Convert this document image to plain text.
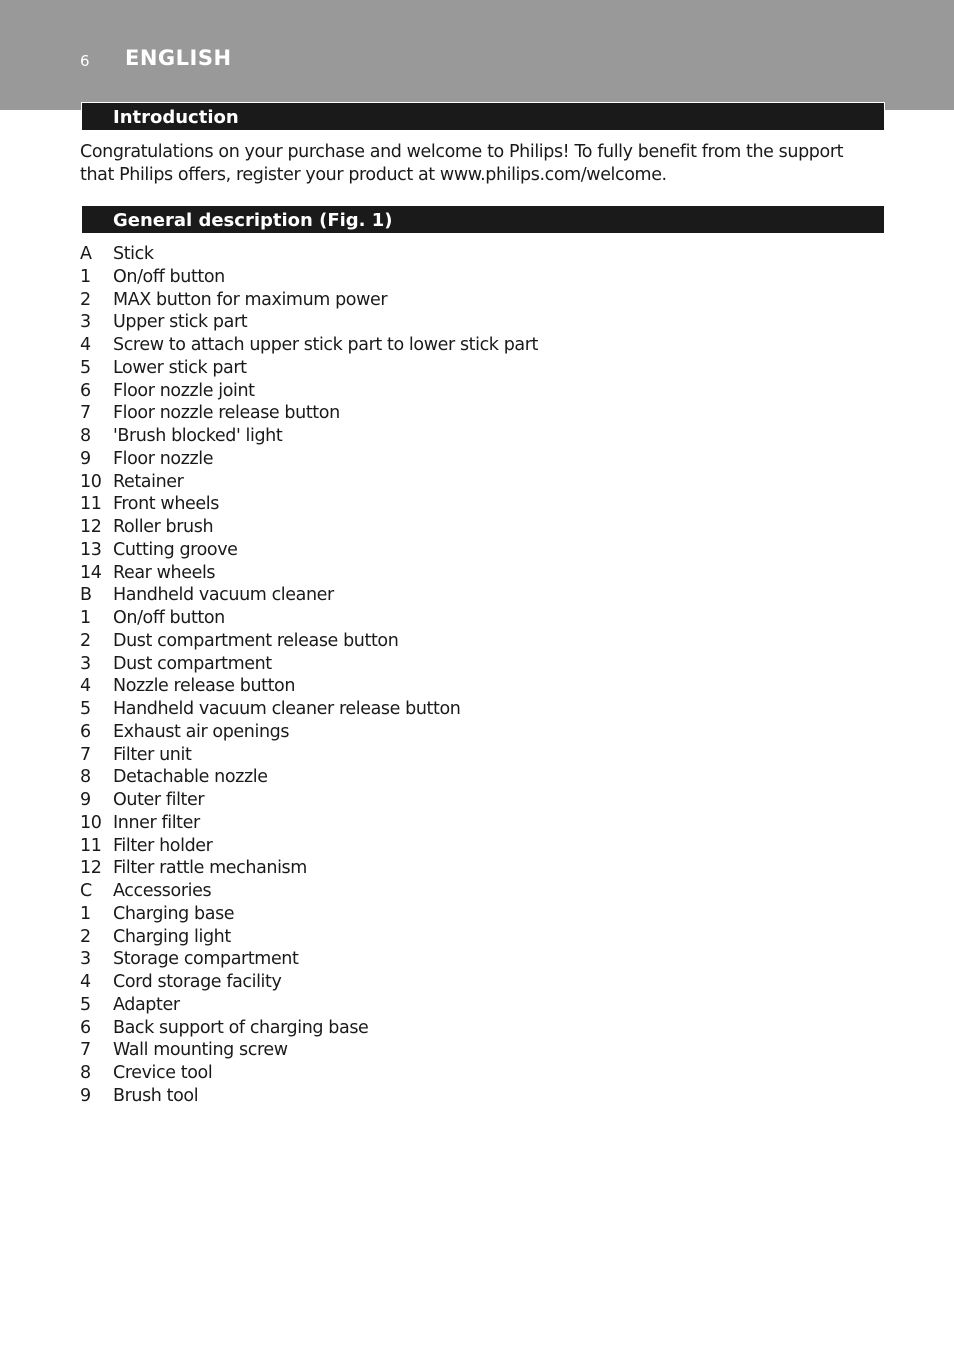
6 ENGLISH
Introduction

Congratulations on your purchase and welcome to Philips! To fully benefit from the support that Philips offers, register your product at www.philips.com/welcome.

General description (Fig. 1)
A Stick
1 On/off button
2 MAX button for maximum power
3 Upper stick part
4 Screw to attach upper stick part to lower stick part
5 Lower stick part
6 Floor nozzle joint
7 Floor nozzle release button
8 'Brush blocked' light
9 Floor nozzle
10 Retainer
11 Front wheels
12 Roller brush
13 Cutting groove
14 Rear wheels
B Handheld vacuum cleaner
1 On/off button
2 Dust compartment release button
3 Dust compartment
4 Nozzle release button
5 Handheld vacuum cleaner release button
6 Exhaust air openings
7 Filter unit
8 Detachable nozzle
9 Outer filter
10 Inner filter
11 Filter holder
12 Filter rattle mechanism
C Accessories
1 Charging base
2 Charging light
3 Storage compartment
4 Cord storage facility
5 Adapter
6 Back support of charging base
7 Wall mounting screw
8 Crevice tool
9 Brush tool
